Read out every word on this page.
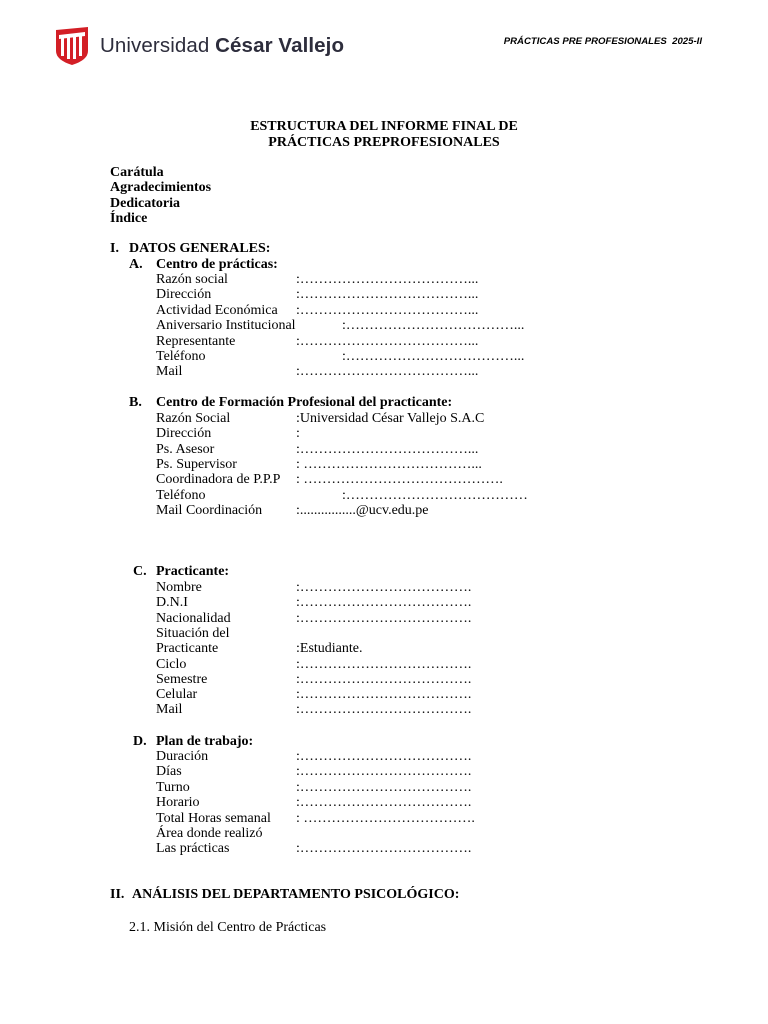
Universidad César Vallejo	PRÁCTICAS PRE PROFESIONALES  2025-II
ESTRUCTURA DEL INFORME FINAL DE
PRÁCTICAS PREPROFESIONALES
Carátula
Agradecimientos
Dedicatoria
Índice
I. DATOS GENERALES:
A. Centro de prácticas:
Razón social	:………………………………...
Dirección	:………………………………...
Actividad Económica :………………………………...
Aniversario Institucional	:………………………………...
Representante	:………………………………...
Teléfono	:………………………………...
Mail	:………………………………...
B. Centro de Formación Profesional del practicante:
Razón Social	:Universidad César Vallejo S.A.C
Dirección	:
Ps. Asesor	:………………………………...
Ps. Supervisor	: ………………………………...
Coordinadora de P.P.P : …………………………………….
Teléfono	:…………………………………
Mail Coordinación :................@ucv.edu.pe
C. Practicante:
Nombre	:……………………………….
D.N.I	:……………………………….
Nacionalidad	:……………………………….
Situación del
Practicante	:Estudiante.
Ciclo	:……………………………….
Semestre	:……………………………….
Celular	:……………………………….
Mail	:……………………………….
D. Plan de trabajo:
Duración	:……………………………….
Días	:……………………………….
Turno	:……………………………….
Horario	:……………………………….
Total Horas semanal : ……………………………….
Área donde realizó
Las prácticas	:……………………………….
II. ANÁLISIS DEL DEPARTAMENTO PSICOLÓGICO:
2.1. Misión del Centro de Prácticas
